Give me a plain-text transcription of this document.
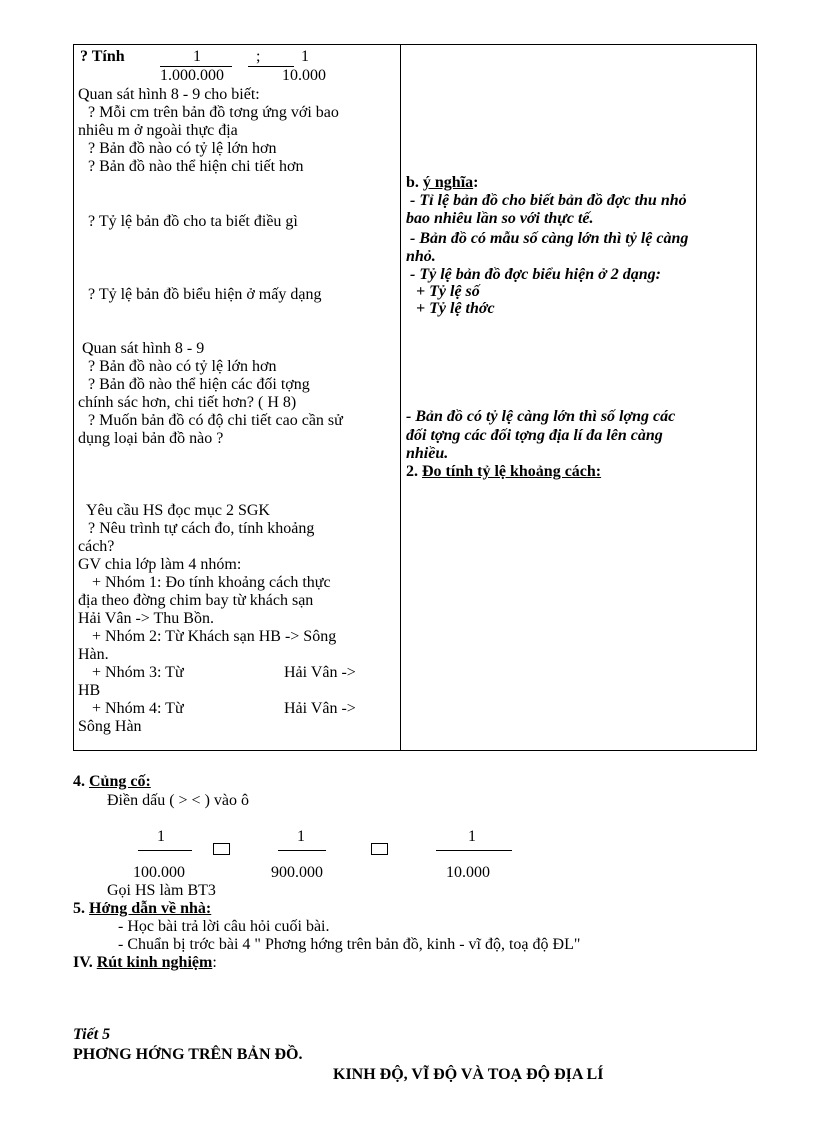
? Tính	1	;	1
1.000.000	10.000
Quan sát hình 8 - 9 cho biết:
? Mỗi cm trên bản đồ tơng ứng với bao
nhiêu m ở ngoài thực địa
? Bản đồ nào có tỷ lệ lớn hơn
? Bản đồ nào thể hiện chi tiết hơn
? Tỷ lệ bản đồ cho ta biết điều gì
? Tỷ lệ bản đồ biểu hiện ở mấy dạng
Quan sát hình 8 - 9
? Bản đồ nào có tỷ lệ lớn hơn
? Bản đồ nào thể hiện các đối tợng
chính sác hơn, chi tiết hơn? ( H 8)
? Muốn bản đồ có độ chi tiết cao cần sử
dụng loại bản đồ nào ?
Yêu cầu HS đọc mục 2 SGK
? Nêu trình tự cách đo, tính khoảng
cách?
GV chia lớp làm 4 nhóm:
+ Nhóm 1: Đo tính khoảng cách thực
địa theo đờng chim bay từ khách sạn
Hải Vân -> Thu Bồn.
+ Nhóm 2: Từ Khách sạn HB -> Sông
Hàn.
+ Nhóm 3: Từ	Hải Vân ->
HB
+ Nhóm 4: Từ	Hải Vân ->
Sông Hàn
b. ý nghĩa:
- Tỉ lệ bản đồ cho biết bản đồ đợc thu nhỏ
bao nhiêu lần so với thực tế.
- Bản đồ có mẫu số càng lớn thì tỷ lệ càng
nhỏ.
- Tỷ lệ bản đồ đợc biểu hiện ở 2 dạng:
+ Tỷ lệ số
+ Tỷ lệ thớc
- Bản đồ có tỷ lệ càng lớn thì số lợng các
đối tợng các đối tợng địa lí đa lên càng
nhiều.
2. Đo tính tỷ lệ khoảng cách:
4. Củng cố:
Điền dấu ( > < ) vào ô
1
100.000
1
900.000
1
10.000
Gọi HS làm BT3
5. Hớng dẫn về nhà:
- Học bài trả lời câu hỏi cuối bài.
- Chuẩn bị trớc bài 4 " Phơng hớng trên bản đồ, kinh - vĩ độ, toạ độ ĐL"
IV. Rút kinh nghiệm:
Tiết 5
PHƠNG HỚNG TRÊN BẢN ĐỒ.
KINH ĐỘ, VĨ ĐỘ VÀ TOẠ ĐỘ ĐỊA LÍ
